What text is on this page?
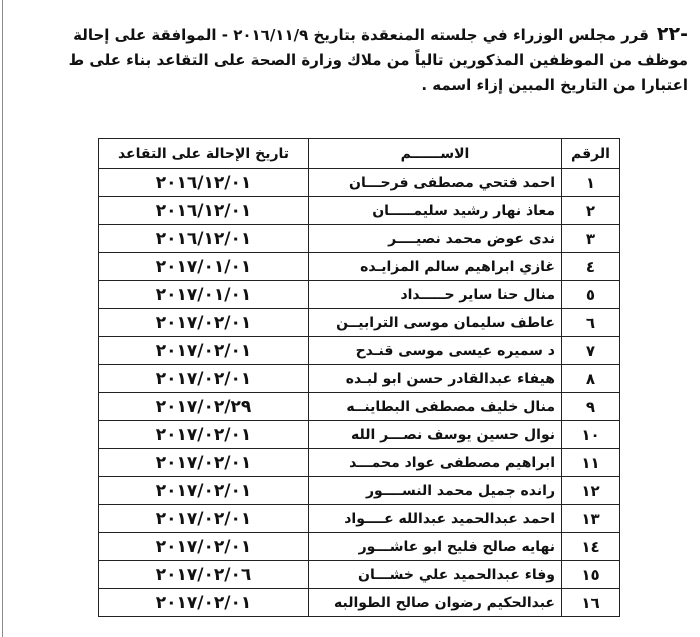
-٢٢قرر مجلس الوزراء في جلسته المنعقدة بتاريخ ٢٠١٦/١١/٩ - الموافقة على إحالة
موظف من الموظفين المذكورين تالياً من ملاك وزارة الصحة على التقاعد بناء على ط
اعتبارا من التاريخ المبين إزاء اسمه .
الرقم	الاســــــم	تاريخ الإحالة على التقاعد
١	احمد فتحي مصطفى فرحـــان	٢٠١٦/١٢/٠١
٢	معاذ نهار رشيد سليمـــــان	٢٠١٦/١٢/٠١
٣	ندى عوض محمد نصيــــر	٢٠١٦/١٢/٠١
٤	غازي ابراهيم سالم المزايـده	٢٠١٧/٠١/٠١
٥	منال حنا ساير حـــــداد	٢٠١٧/٠١/٠١
٦	عاطف سليمان موسى الترابيــن	٢٠١٧/٠٢/٠١
٧	د سميره عيسى موسى قنـدح	٢٠١٧/٠٢/٠١
٨	هيفاء عبدالقادر حسن ابو لبـده	٢٠١٧/٠٢/٠١
٩	منال خليف مصطفى البطاينــه	٢٠١٧/٠٢/٢٩
١٠	نوال حسين يوسف نصـــر الله	٢٠١٧/٠٢/٠١
١١	ابراهيم مصطفى عواد محمـــد	٢٠١٧/٠٢/٠١
١٢	رانده جميل محمد النســــور	٢٠١٧/٠٢/٠١
١٣	احمد عبدالحميد عبدالله عــــواد	٢٠١٧/٠٢/٠١
١٤	نهايه صالح فليح ابو عاشـــور	٢٠١٧/٠٢/٠١
١٥	وفاء عبدالحميد علي خشـــان	٢٠١٧/٠٢/٠٦
١٦	عبدالحكيم رضوان صالح الطوالبه	٢٠١٧/٠٢/٠١
